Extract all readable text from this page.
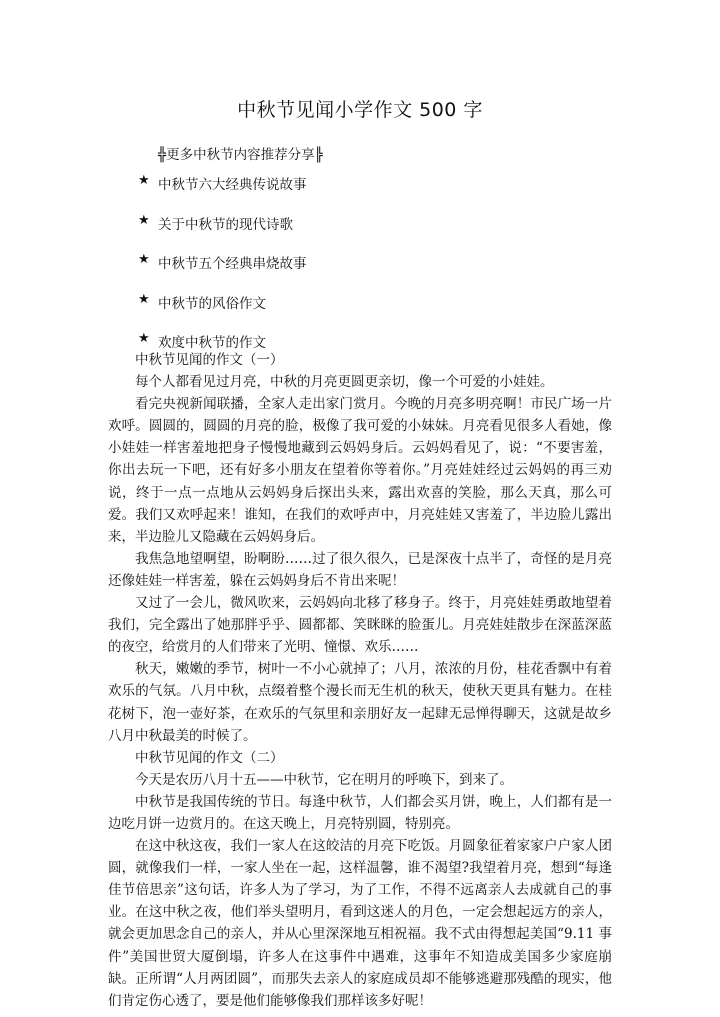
中秋节见闻小学作文 500 字
╬更多中秋节内容推荐分享╠
★ 中秋节六大经典传说故事
★ 关于中秋节的现代诗歌
★ 中秋节五个经典串烧故事
★ 中秋节的风俗作文
★ 欢度中秋节的作文
中秋节见闻的作文（一）

每个人都看见过月亮，中秋的月亮更圆更亲切，像一个可爱的小娃娃。

看完央视新闻联播，全家人走出家门赏月。今晚的月亮多明亮啊！市民广场一片欢呼。圆圆的，圆圆的月亮的脸，极像了我可爱的小妹妹。月亮看见很多人看她，像小娃娃一样害羞地把身子慢慢地藏到云妈妈身后。云妈妈看见了，说：“不要害羞，你出去玩一下吧，还有好多小朋友在望着你等着你。”月亮娃娃经过云妈妈的再三劝说，终于一点一点地从云妈妈身后探出头来，露出欢喜的笑脸，那么天真，那么可爱。我们又欢呼起来！谁知，在我们的欢呼声中，月亮娃娃又害羞了，半边脸儿露出来，半边脸儿又隐藏在云妈妈身后。

我焦急地望啊望，盼啊盼……过了很久很久，已是深夜十点半了，奇怪的是月亮还像娃娃一样害羞，躲在云妈妈身后不肯出来呢！

又过了一会儿，微风吹来，云妈妈向北移了移身子。终于，月亮娃娃勇敢地望着我们，完全露出了她那胖乎乎、圆都都、笑眯眯的脸蛋儿。月亮娃娃散步在深蓝深蓝的夜空，给赏月的人们带来了光明、憧憬、欢乐……

秋天，嫩嫩的季节，树叶一不小心就掉了；八月，浓浓的月份，桂花香飘中有着欢乐的气氛。八月中秋，点缀着整个漫长而无生机的秋天，使秋天更具有魅力。在桂花树下，泡一壶好茶，在欢乐的气氛里和亲朋好友一起肆无忌惮得聊天，这就是故乡八月中秋最美的时候了。

中秋节见闻的作文（二）

今天是农历八月十五——中秋节，它在明月的呼唤下，到来了。

中秋节是我国传统的节日。每逢中秋节，人们都会买月饼，晚上，人们都有是一边吃月饼一边赏月的。在这天晚上，月亮特别圆，特别亮。

在这中秋这夜，我们一家人在这皎洁的月亮下吃饭。月圆象征着家家户户家人团圆，就像我们一样，一家人坐在一起，这样温馨，谁不渴望?我望着月亮，想到“每逢佳节倍思亲”这句话，许多人为了学习，为了工作，不得不远离亲人去成就自己的事业。在这中秋之夜，他们举头望明月，看到这迷人的月色，一定会想起远方的亲人，就会更加思念自己的亲人，并从心里深深地互相祝福。我不式由得想起美国“9.11 事件”美国世贸大厦倒塌，许多人在这事件中遇难，这事年不知造成美国多少家庭崩缺。正所谓“人月两团圆”，而那失去亲人的家庭成员却不能够逃避那残酷的现实，他们肯定伤心透了，要是他们能够像我们那样该多好呢！
